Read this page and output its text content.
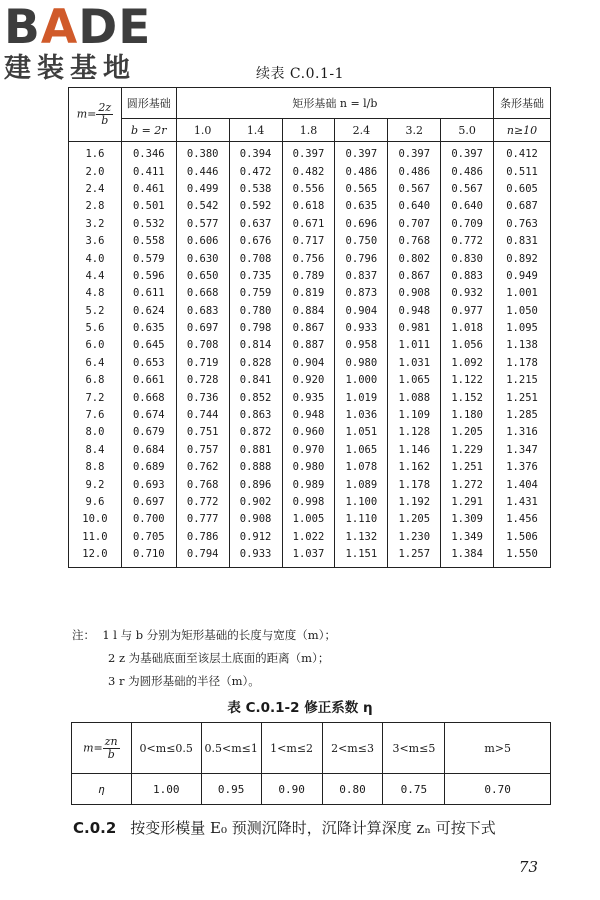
BADE
建装基地	续表 C.0.1-1
$m= \frac{2z}{b}$	圆形基础	矩形基础 n = l/b						条形基础
	b = 2r	1.0	1.4	1.8	2.4	3.2	5.0	n≥10
1.6	0.346	0.380	0.394	0.397	0.397	0.397	0.397	0.412
2.0	0.411	0.446	0.472	0.482	0.486	0.486	0.486	0.511
2.4	0.461	0.499	0.538	0.556	0.565	0.567	0.567	0.605
2.8	0.501	0.542	0.592	0.618	0.635	0.640	0.640	0.687
3.2	0.532	0.577	0.637	0.671	0.696	0.707	0.709	0.763
3.6	0.558	0.606	0.676	0.717	0.750	0.768	0.772	0.831
4.0	0.579	0.630	0.708	0.756	0.796	0.802	0.830	0.892
4.4	0.596	0.650	0.735	0.789	0.837	0.867	0.883	0.949
4.8	0.611	0.668	0.759	0.819	0.873	0.908	0.932	1.001
5.2	0.624	0.683	0.780	0.884	0.904	0.948	0.977	1.050
5.6	0.635	0.697	0.798	0.867	0.933	0.981	1.018	1.095
6.0	0.645	0.708	0.814	0.887	0.958	1.011	1.056	1.138
6.4	0.653	0.719	0.828	0.904	0.980	1.031	1.092	1.178
6.8	0.661	0.728	0.841	0.920	1.000	1.065	1.122	1.215
7.2	0.668	0.736	0.852	0.935	1.019	1.088	1.152	1.251
7.6	0.674	0.744	0.863	0.948	1.036	1.109	1.180	1.285
8.0	0.679	0.751	0.872	0.960	1.051	1.128	1.205	1.316
8.4	0.684	0.757	0.881	0.970	1.065	1.146	1.229	1.347
8.8	0.689	0.762	0.888	0.980	1.078	1.162	1.251	1.376
9.2	0.693	0.768	0.896	0.989	1.089	1.178	1.272	1.404
9.6	0.697	0.772	0.902	0.998	1.100	1.192	1.291	1.431
10.0	0.700	0.777	0.908	1.005	1.110	1.205	1.309	1.456
11.0	0.705	0.786	0.912	1.022	1.132	1.230	1.349	1.506
12.0	0.710	0.794	0.933	1.037	1.151	1.257	1.384	1.550
注： 1 l 与 b 分别为矩形基础的长度与宽度（m）；
2 z 为基础底面至该层土底面的距离（m）；
3 r 为圆形基础的半径（m）。
表 C.0.1-2 修正系数 η
$m= \frac{zn}{b}$	0<m≤0.5	0.5<m≤1	1<m≤2	2<m≤3	3<m≤5	m>5
η	1.00	0.95	0.90	0.80	0.75	0.70
C.0.2 按变形模量 E₀ 预测沉降时，沉降计算深度 zₙ 可按下式
73
